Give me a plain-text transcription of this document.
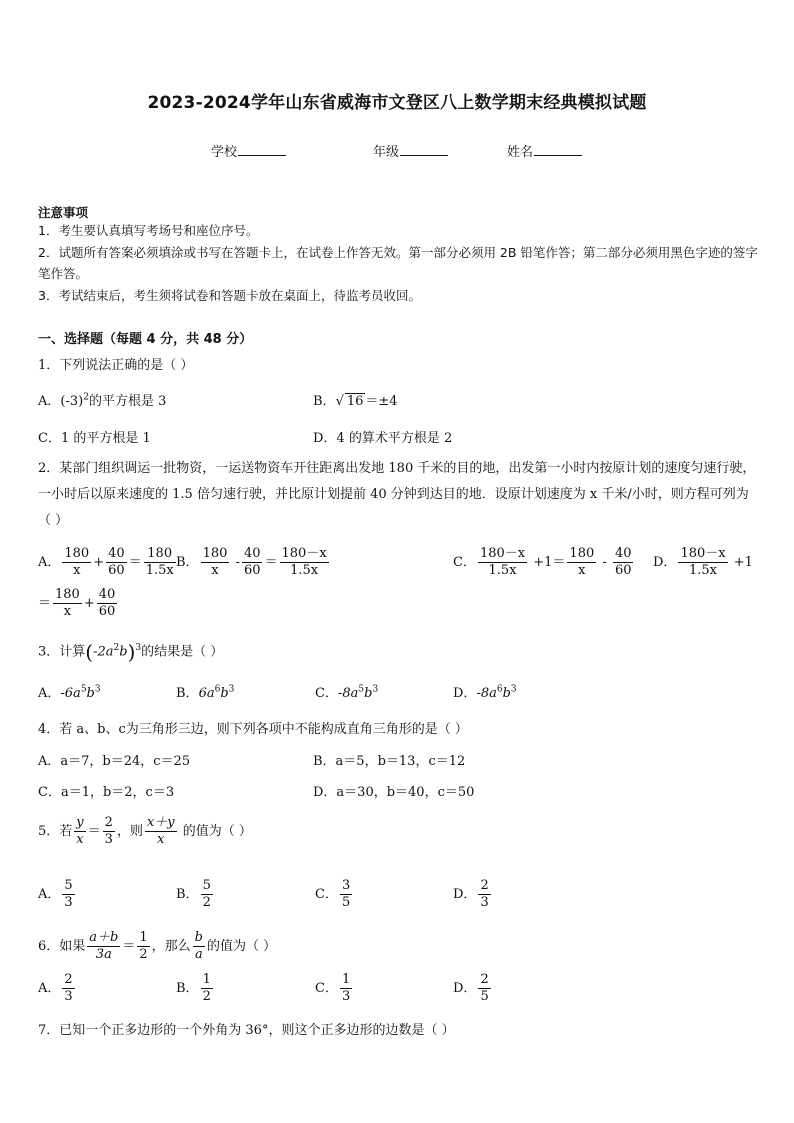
2023-2024学年山东省威海市文登区八上数学期末经典模拟试题
学校	年级	姓名
注意事项
1．考生要认真填写考场号和座位序号。
2．试题所有答案必须填涂或书写在答题卡上，在试卷上作答无效。第一部分必须用 2B 铅笔作答；第二部分必须用黑色字迹的签字笔作答。
3．考试结束后，考生须将试卷和答题卡放在桌面上，待监考员收回。
一、选择题（每题 4 分，共 48 分）
1．下列说法正确的是（ ）
A．$(-3)^2$的平方根是 3	B．√ 16 ＝±4
C．1 的平方根是 1	D．4 的算术平方根是 2
2．某部门组织调运一批物资，一运送物资车开往距离出发地 180 千米的目的地，出发第一小时内按原计划的速度匀速行驶，一小时后以原来速度的 1.5 倍匀速行驶，并比原计划提前 40 分钟到达目的地．设原计划速度为 x 千米/小时，则方程可列为（ ）
A． $\frac{180}{x} + \frac{40}{60} = \frac{180}{1.5x}$ B． $\frac{180}{x} - \frac{40}{60} = \frac{180-x}{1.5x}$	C． $\frac{180-x}{1.5x} +1= \frac{180}{x} - \frac{40}{60}$ D． $\frac{180-x}{1.5x} +1$
＝ $\frac{180}{x} + \frac{40}{60}$
3．计算$(-2a^2b)^3$的结果是（ ）
A．$-6a^5b^3$	B．$6a^6b^3$	C．$-8a^5b^3$	D．$-8a^6b^3$
4．若 a、b、c为三角形三边，则下列各项中不能构成直角三角形的是（ ）
A．a＝7，b＝24，c＝25	B．a＝5，b＝13，c＝12
C．a＝1，b＝2，c＝3	D．a＝30，b＝40，c＝50
5．若 $\frac{y}{x} = \frac{2}{3}$ ，则 $\frac{x+y}{x}$ 的值为（ ）
A． $\frac{5}{3}$	B． $\frac{5}{2}$	C． $\frac{3}{5}$	D． $\frac{2}{3}$
6．如果 $\frac{a+b}{3a} = \frac{1}{2}$ ，那么 $\frac{b}{a}$ 的值为（ ）
A． $\frac{2}{3}$	B． $\frac{1}{2}$	C． $\frac{1}{3}$	D． $\frac{2}{5}$
7．已知一个正多边形的一个外角为 36°，则这个正多边形的边数是（ ）
